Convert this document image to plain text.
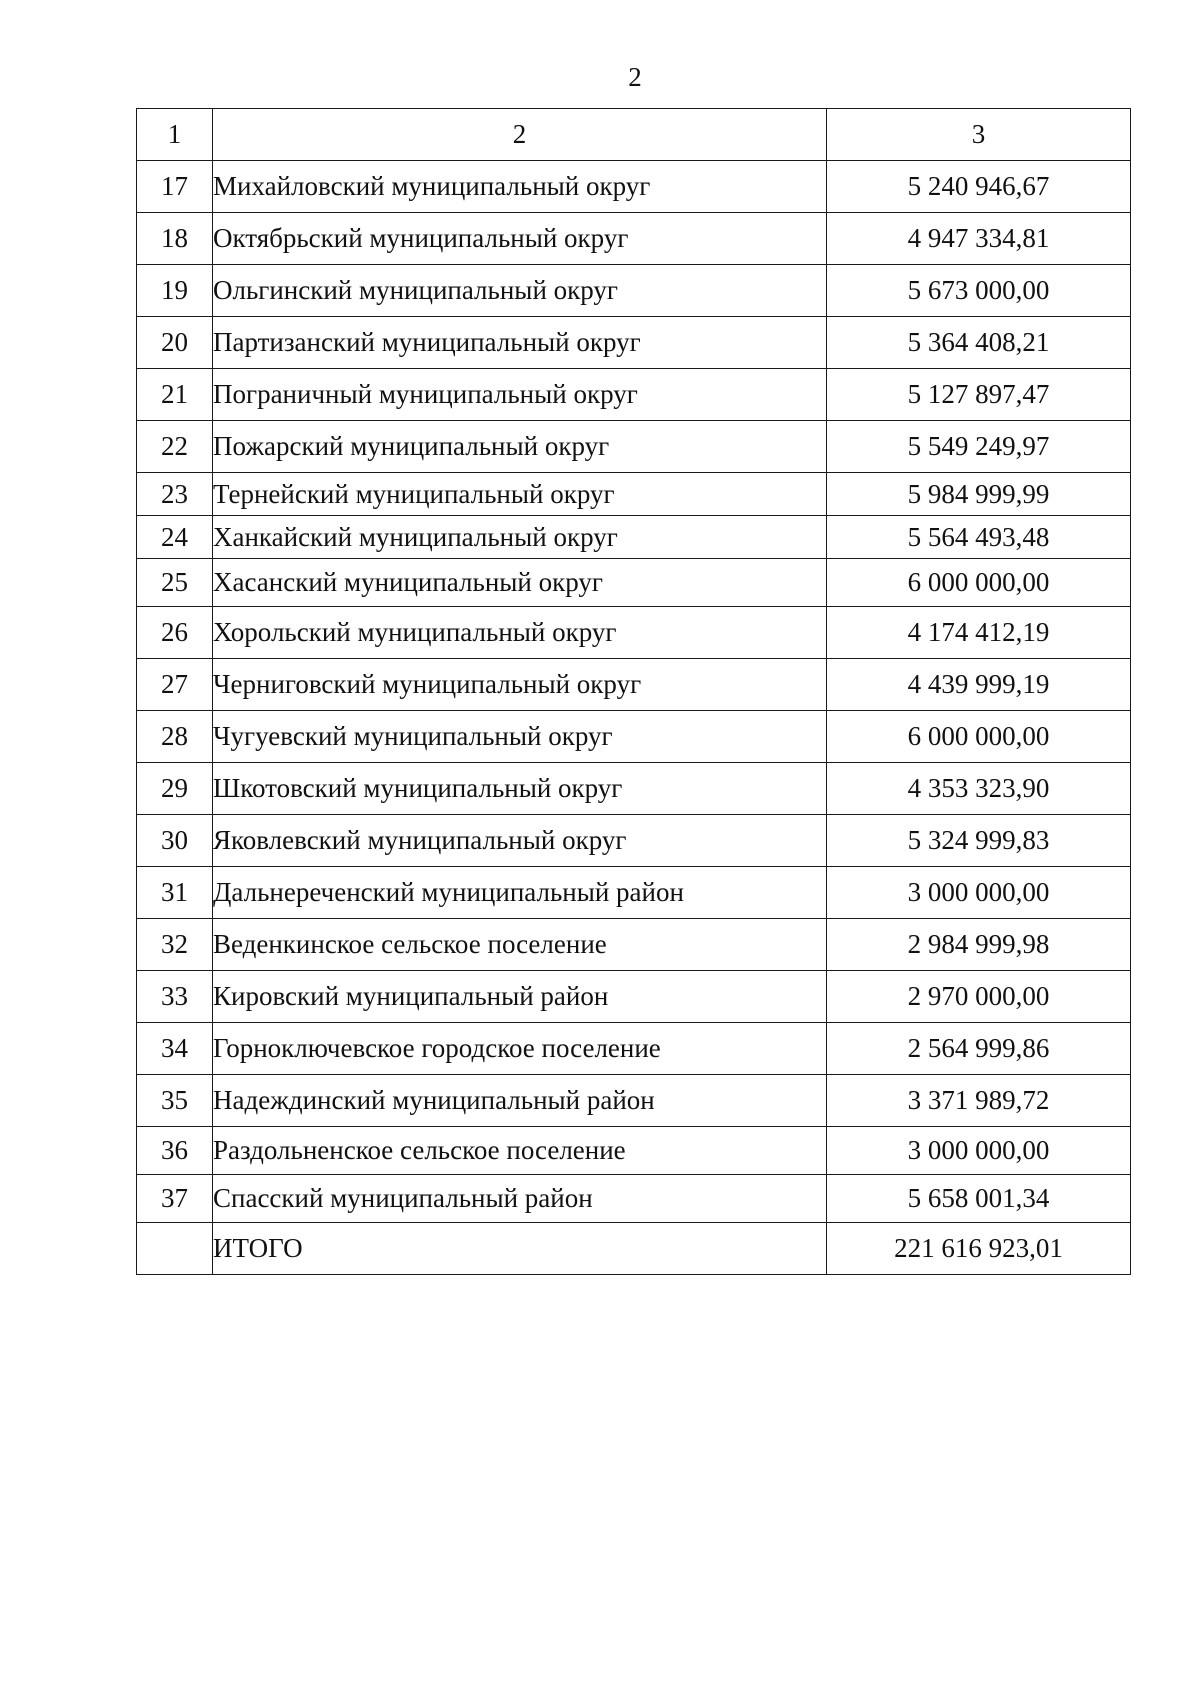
2
1	2	3
17	Михайловский муниципальный округ	5 240 946,67
18	Октябрьский муниципальный округ	4 947 334,81
19	Ольгинский муниципальный округ	5 673 000,00
20	Партизанский муниципальный округ	5 364 408,21
21	Пограничный муниципальный округ	5 127 897,47
22	Пожарский муниципальный округ	5 549 249,97
23	Тернейский муниципальный округ	5 984 999,99
24	Ханкайский муниципальный округ	5 564 493,48
25	Хасанский муниципальный округ	6 000 000,00
26	Хорольский муниципальный округ	4 174 412,19
27	Черниговский муниципальный округ	4 439 999,19
28	Чугуевский муниципальный округ	6 000 000,00
29	Шкотовский муниципальный округ	4 353 323,90
30	Яковлевский муниципальный округ	5 324 999,83
31	Дальнереченский муниципальный район	3 000 000,00
32	Веденкинское сельское поселение	2 984 999,98
33	Кировский муниципальный район	2 970 000,00
34	Горноключевское городское поселение	2 564 999,86
35	Надеждинский муниципальный район	3 371 989,72
36	Раздольненское сельское поселение	3 000 000,00
37	Спасский муниципальный район	5 658 001,34
	ИТОГО	221 616 923,01
